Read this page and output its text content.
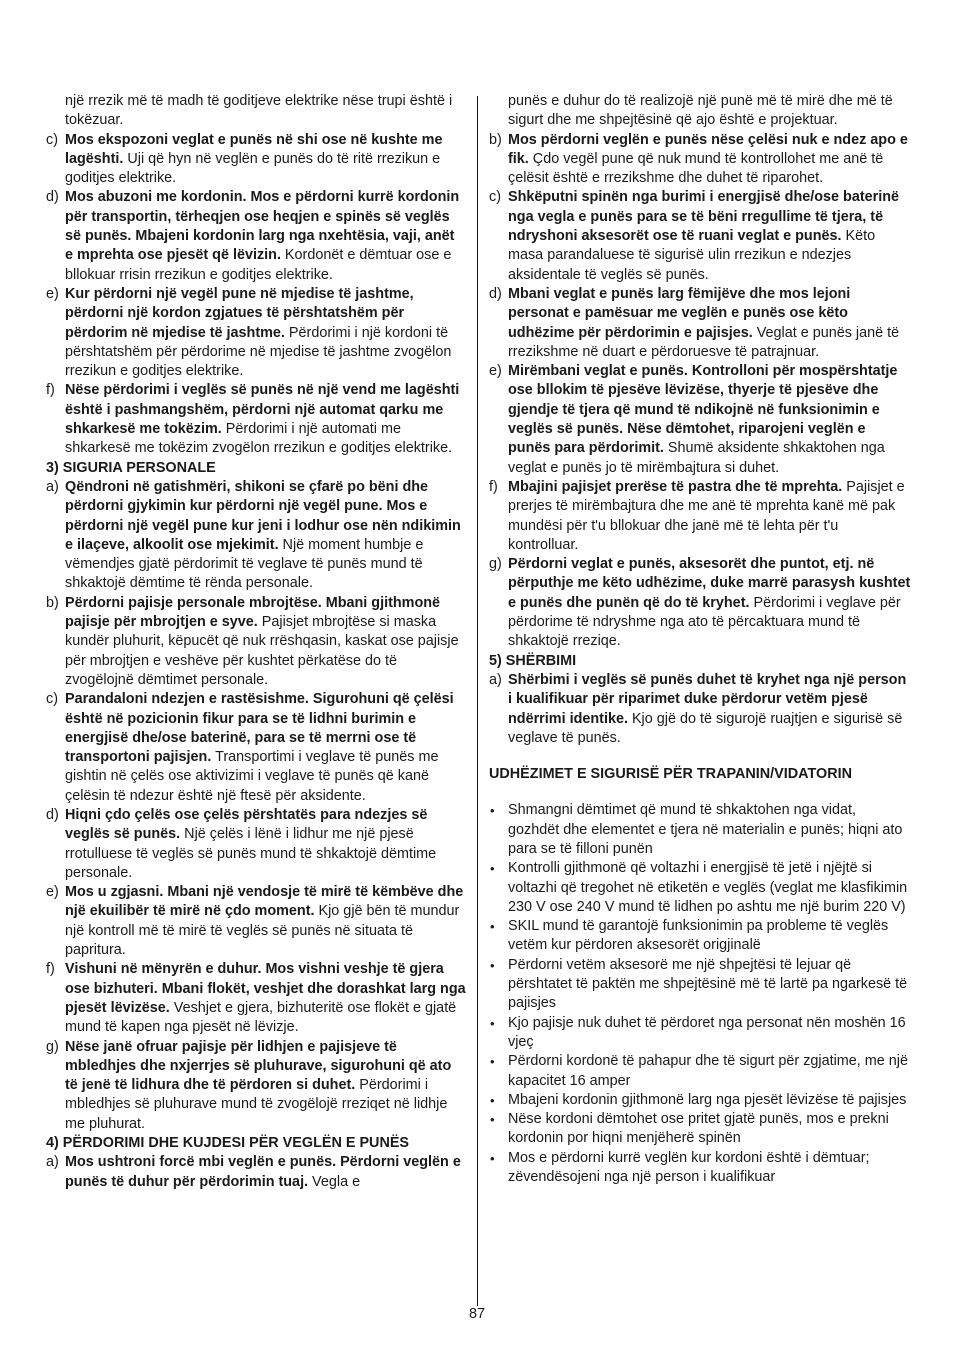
një rrezik më të madh të goditjeve elektrike nëse trupi është i tokëzuar.

c) Mos ekspozoni veglat e punës në shi ose në kushte me lagështi. Uji që hyn në veglën e punës do të ritë rrezikun e goditjes elektrike.

d) Mos abuzoni me kordonin. Mos e përdorni kurrë kordonin për transportin, tërheqjen ose heqjen e spinës së veglës së punës. Mbajeni kordonin larg nga nxehtësia, vaji, anët e mprehta ose pjesët që lëvizin. Kordonët e dëmtuar ose e bllokuar rrisin rrezikun e goditjes elektrike.

e) Kur përdorni një vegël pune në mjedise të jashtme, përdorni një kordon zgjatues të përshtatshëm për përdorim në mjedise të jashtme. Përdorimi i një kordoni të përshtatshëm për përdorime në mjedise të jashtme zvogëlon rrezikun e goditjes elektrike.

f) Nëse përdorimi i veglës së punës në një vend me lagështi është i pashmangshëm, përdorni një automat qarku me shkarkesë me tokëzim. Përdorimi i një automati me shkarkesë me tokëzim zvogëlon rrezikun e goditjes elektrike.

3) SIGURIA PERSONALE

a) Qëndroni në gatishmëri, shikoni se çfarë po bëni dhe përdorni gjykimin kur përdorni një vegël pune. Mos e përdorni një vegël pune kur jeni i lodhur ose nën ndikimin e ilaçeve, alkoolit ose mjekimit. Një moment humbje e vëmendjes gjatë përdorimit të veglave të punës mund të shkaktojë dëmtime të rënda personale.

b) Përdorni pajisje personale mbrojtëse. Mbani gjithmonë pajisje për mbrojtjen e syve. Pajisjet mbrojtëse si maska kundër pluhurit, këpucët që nuk rrëshqasin, kaskat ose pajisje për mbrojtjen e veshëve për kushtet përkatëse do të zvogëlojnë dëmtimet personale.

c) Parandaloni ndezjen e rastësishme. Sigurohuni që çelësi është në pozicionin fikur para se të lidhni burimin e energjisë dhe/ose baterinë, para se të merrni ose të transportoni pajisjen. Transportimi i veglave të punës me gishtin në çelës ose aktivizimi i veglave të punës që kanë çelësin të ndezur është një ftesë për aksidente.

d) Hiqni çdo çelës ose çelës përshtatës para ndezjes së veglës së punës. Një çelës i lënë i lidhur me një pjesë rrotulluese të veglës së punës mund të shkaktojë dëmtime personale.

e) Mos u zgjasni. Mbani një vendosje të mirë të këmbëve dhe një ekuilibër të mirë në çdo moment. Kjo gjë bën të mundur një kontroll më të mirë të veglës së punës në situata të papritura.

f) Vishuni në mënyrën e duhur. Mos vishni veshje të gjera ose bizhuteri. Mbani flokët, veshjet dhe dorashkat larg nga pjesët lëvizëse. Veshjet e gjera, bizhuteritë ose flokët e gjatë mund të kapen nga pjesët në lëvizje.

g) Nëse janë ofruar pajisje për lidhjen e pajisjeve të mbledhjes dhe nxjerrjes së pluhurave, sigurohuni që ato të jenë të lidhura dhe të përdoren si duhet. Përdorimi i mbledhjes së pluhurave mund të zvogëlojë rreziqet në lidhje me pluhurat.

4) PËRDORIMI DHE KUJDESI PËR VEGLËN E PUNËS

a) Mos ushtroni forcë mbi veglën e punës. Përdorni veglën e punës të duhur për përdorimin tuaj. Vegla e

punës e duhur do të realizojë një punë më të mirë dhe më të sigurt dhe me shpejtësinë që ajo është e projektuar.

b) Mos përdorni veglën e punës nëse çelësi nuk e ndez apo e fik. Çdo vegël pune që nuk mund të kontrollohet me anë të çelësit është e rrezikshme dhe duhet të riparohet.

c) Shkëputni spinën nga burimi i energjisë dhe/ose baterinë nga vegla e punës para se të bëni rregullime të tjera, të ndryshoni aksesorët ose të ruani veglat e punës. Këto masa parandaluese të sigurisë ulin rrezikun e ndezjes aksidentale të veglës së punës.

d) Mbani veglat e punës larg fëmijëve dhe mos lejoni personat e pamësuar me veglën e punës ose këto udhëzime për përdorimin e pajisjes. Veglat e punës janë të rrezikshme në duart e përdoruesve të patrajnuar.

e) Mirëmbani veglat e punës. Kontrolloni për mospërshtatje ose bllokim të pjesëve lëvizëse, thyerje të pjesëve dhe gjendje të tjera që mund të ndikojnë në funksionimin e veglës së punës. Nëse dëmtohet, riparojeni veglën e punës para përdorimit. Shumë aksidente shkaktohen nga veglat e punës jo të mirëmbajtura si duhet.

f) Mbajini pajisjet prerëse të pastra dhe të mprehta. Pajisjet e prerjes të mirëmbajtura dhe me anë të mprehta kanë më pak mundësi për t'u bllokuar dhe janë më të lehta për t'u kontrolluar.

g) Përdorni veglat e punës, aksesorët dhe puntot, etj. në përputhje me këto udhëzime, duke marrë parasysh kushtet e punës dhe punën që do të kryhet. Përdorimi i veglave për përdorime të ndryshme nga ato të përcaktuara mund të shkaktojë rreziqe.

5) SHËRBIMI

a) Shërbimi i veglës së punës duhet të kryhet nga një person i kualifikuar për riparimet duke përdorur vetëm pjesë ndërrimi identike. Kjo gjë do të sigurojë ruajtjen e sigurisë së veglave të punës.

UDHËZIMET E SIGURISË PËR TRAPANIN/VIDATORIN

• Shmangni dëmtimet që mund të shkaktohen nga vidat, gozhdët dhe elementet e tjera në materialin e punës; hiqni ato para se të filloni punën

• Kontrolli gjithmonë që voltazhi i energjisë të jetë i njëjtë si voltazhi që tregohet në etiketën e veglës (veglat me klasfikimin 230 V ose 240 V mund të lidhen po ashtu me një burim 220 V)

• SKIL mund të garantojë funksionimin pa probleme të veglës vetëm kur përdoren aksesorët origjinalë

• Përdorni vetëm aksesorë me një shpejtësi të lejuar që përshtatet të paktën me shpejtësinë më të lartë pa ngarkesë të pajisjes

• Kjo pajisje nuk duhet të përdoret nga personat nën moshën 16 vjeç

• Përdorni kordonë të pahapur dhe të sigurt për zgjatime, me një kapacitet 16 amper

• Mbajeni kordonin gjithmonë larg nga pjesët lëvizëse të pajisjes

• Nëse kordoni dëmtohet ose pritet gjatë punës, mos e prekni kordonin por hiqni menjëherë spinën

• Mos e përdorni kurrë veglën kur kordoni është i dëmtuar; zëvendësojeni nga një person i kualifikuar

87
